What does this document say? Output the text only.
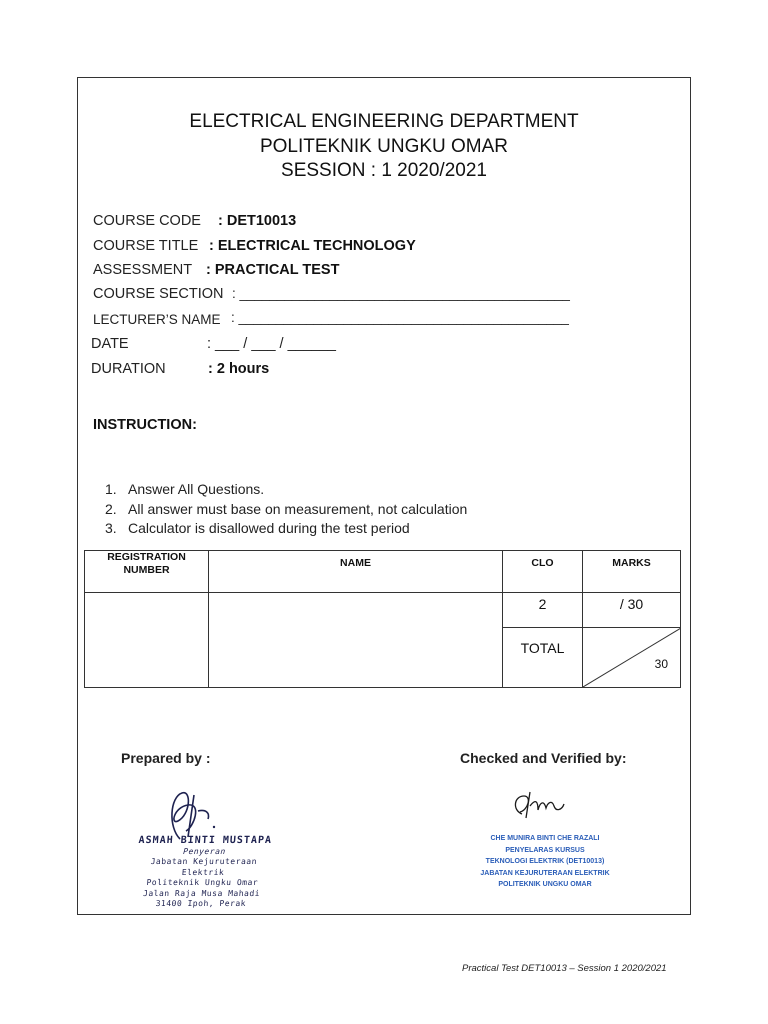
ELECTRICAL ENGINEERING DEPARTMENT
POLITEKNIK UNGKU OMAR
SESSION : 1 2020/2021
COURSE CODE : DET10013
COURSE TITLE : ELECTRICAL TECHNOLOGY
ASSESSMENT : PRACTICAL TEST
COURSE SECTION : ____________________________________________
LECTURER’S NAME : ____________________________________________
DATE	: ___ / ___ / ______
DURATION	: 2 hours
INSTRUCTION:
1. Answer All Questions.
2. All answer must base on measurement, not calculation
3. Calculator is disallowed during the test period
REGISTRATION
NUMBER	NAME	CLO	MARKS

		2	/ 30

		TOTAL	30
Prepared by :	Checked and Verified by:
ASMAH BINTI MUSTAPA
Penyeran
Jabatan Kejuruteraan Elektrik
Politeknik Ungku Omar
Jalan Raja Musa Mahadi
31400 Ipoh, Perak
CHE MUNIRA BINTI CHE RAZALI
PENYELARAS KURSUS
TEKNOLOGI ELEKTRIK (DET10013)
JABATAN KEJURUTERAAN ELEKTRIK
POLITEKNIK UNGKU OMAR
Practical Test DET10013 – Session 1 2020/2021
